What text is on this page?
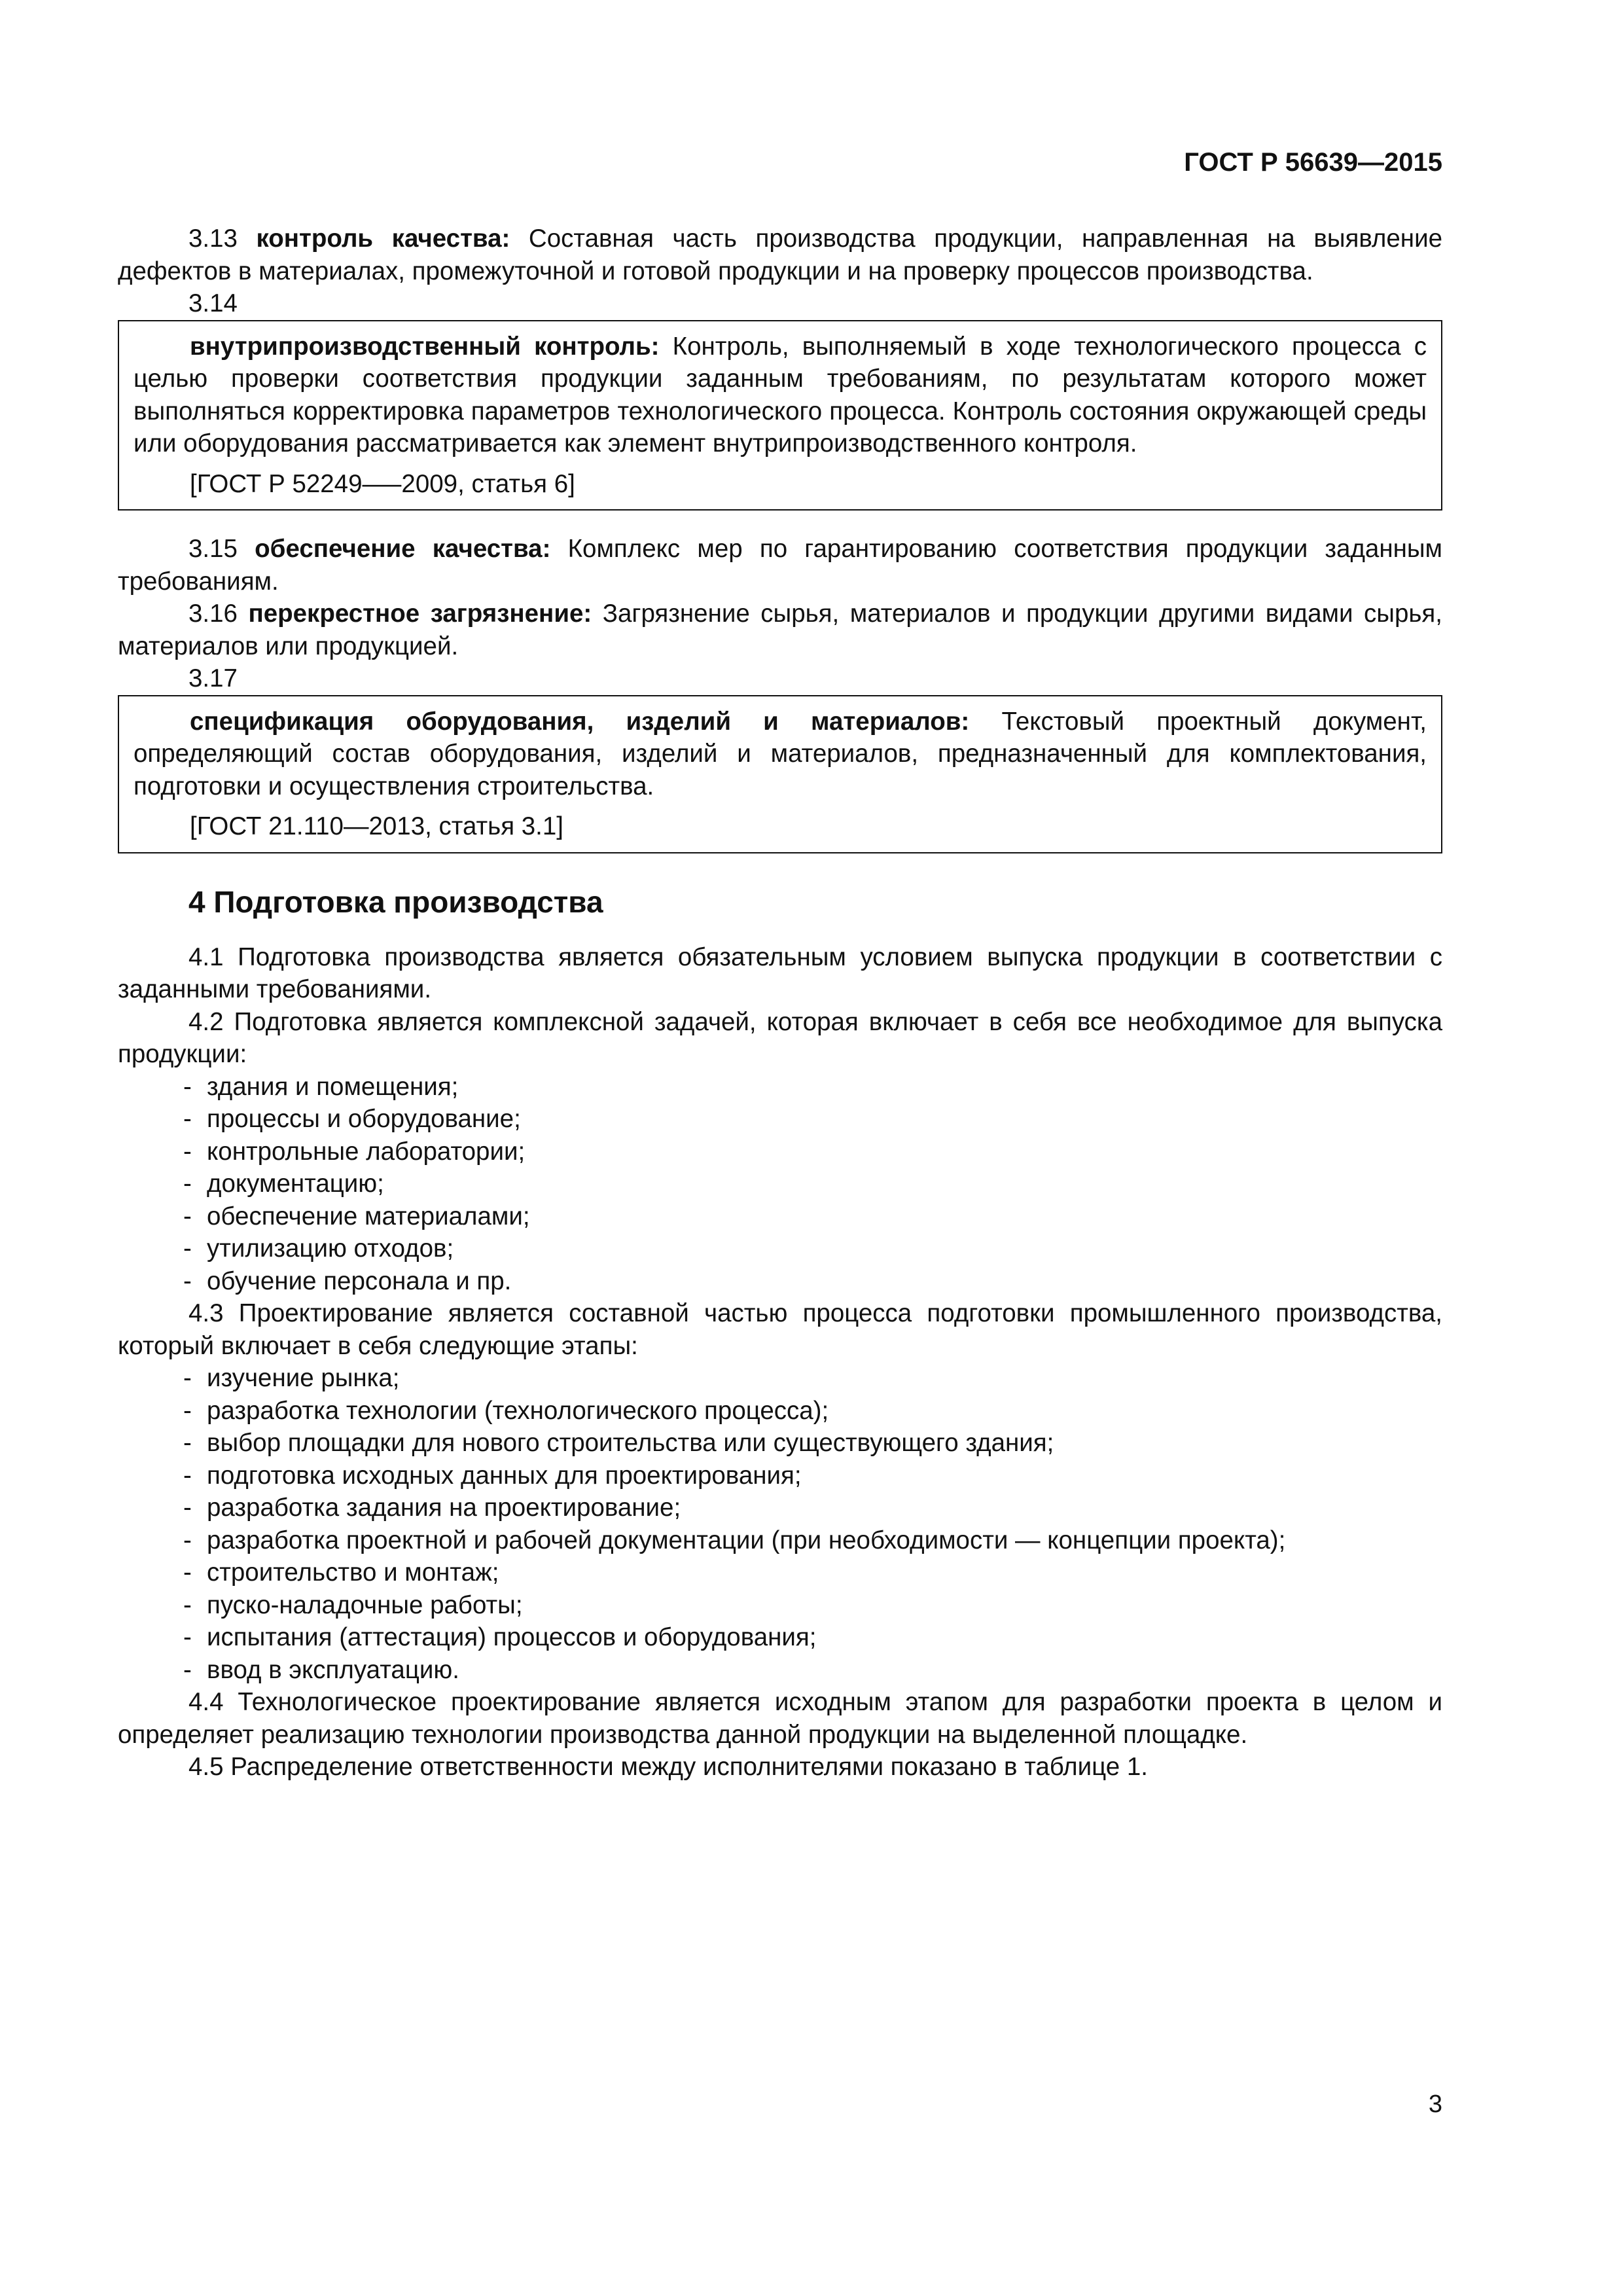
ГОСТ Р 56639—2015

3.13 контроль качества: Составная часть производства продукции, направленная на выявление дефектов в материалах, промежуточной и готовой продукции и на проверку процессов производства.

3.14

внутрипроизводственный контроль: Контроль, выполняемый в ходе технологического процесса с целью проверки соответствия продукции заданным требованиям, по результатам которого может выполняться корректировка параметров технологического процесса. Контроль состояния окружающей среды или оборудования рассматривается как элемент внутрипроизводственного контроля.

[ГОСТ Р 52249—–2009, статья 6]

3.15 обеспечение качества: Комплекс мер по гарантированию соответствия продукции заданным требованиям.

3.16 перекрестное загрязнение: Загрязнение сырья, материалов и продукции другими видами сырья, материалов или продукцией.

3.17

спецификация оборудования, изделий и материалов: Текстовый проектный документ, определяющий состав оборудования, изделий и материалов, предназначенный для комплектования, подготовки и осуществления строительства.

[ГОСТ 21.110—2013, статья 3.1]

4 Подготовка производства

4.1 Подготовка производства является обязательным условием выпуска продукции в соответствии с заданными требованиями.

4.2 Подготовка является комплексной задачей, которая включает в себя все необходимое для выпуска продукции:

- здания и помещения;
- процессы и оборудование;
- контрольные лаборатории;
- документацию;
- обеспечение материалами;
- утилизацию отходов;
- обучение персонала и пр.

4.3 Проектирование является составной частью процесса подготовки промышленного производства, который включает в себя следующие этапы:

- изучение рынка;
- разработка технологии (технологического процесса);
- выбор площадки для нового строительства или существующего здания;
- подготовка исходных данных для проектирования;
- разработка задания на проектирование;
- разработка проектной и рабочей документации (при необходимости — концепции проекта);
- строительство и монтаж;
- пуско-наладочные работы;
- испытания (аттестация) процессов и оборудования;
- ввод в эксплуатацию.

4.4 Технологическое проектирование является исходным этапом для разработки проекта в целом и определяет реализацию технологии производства данной продукции на выделенной площадке.

4.5 Распределение ответственности между исполнителями показано в таблице 1.

3
